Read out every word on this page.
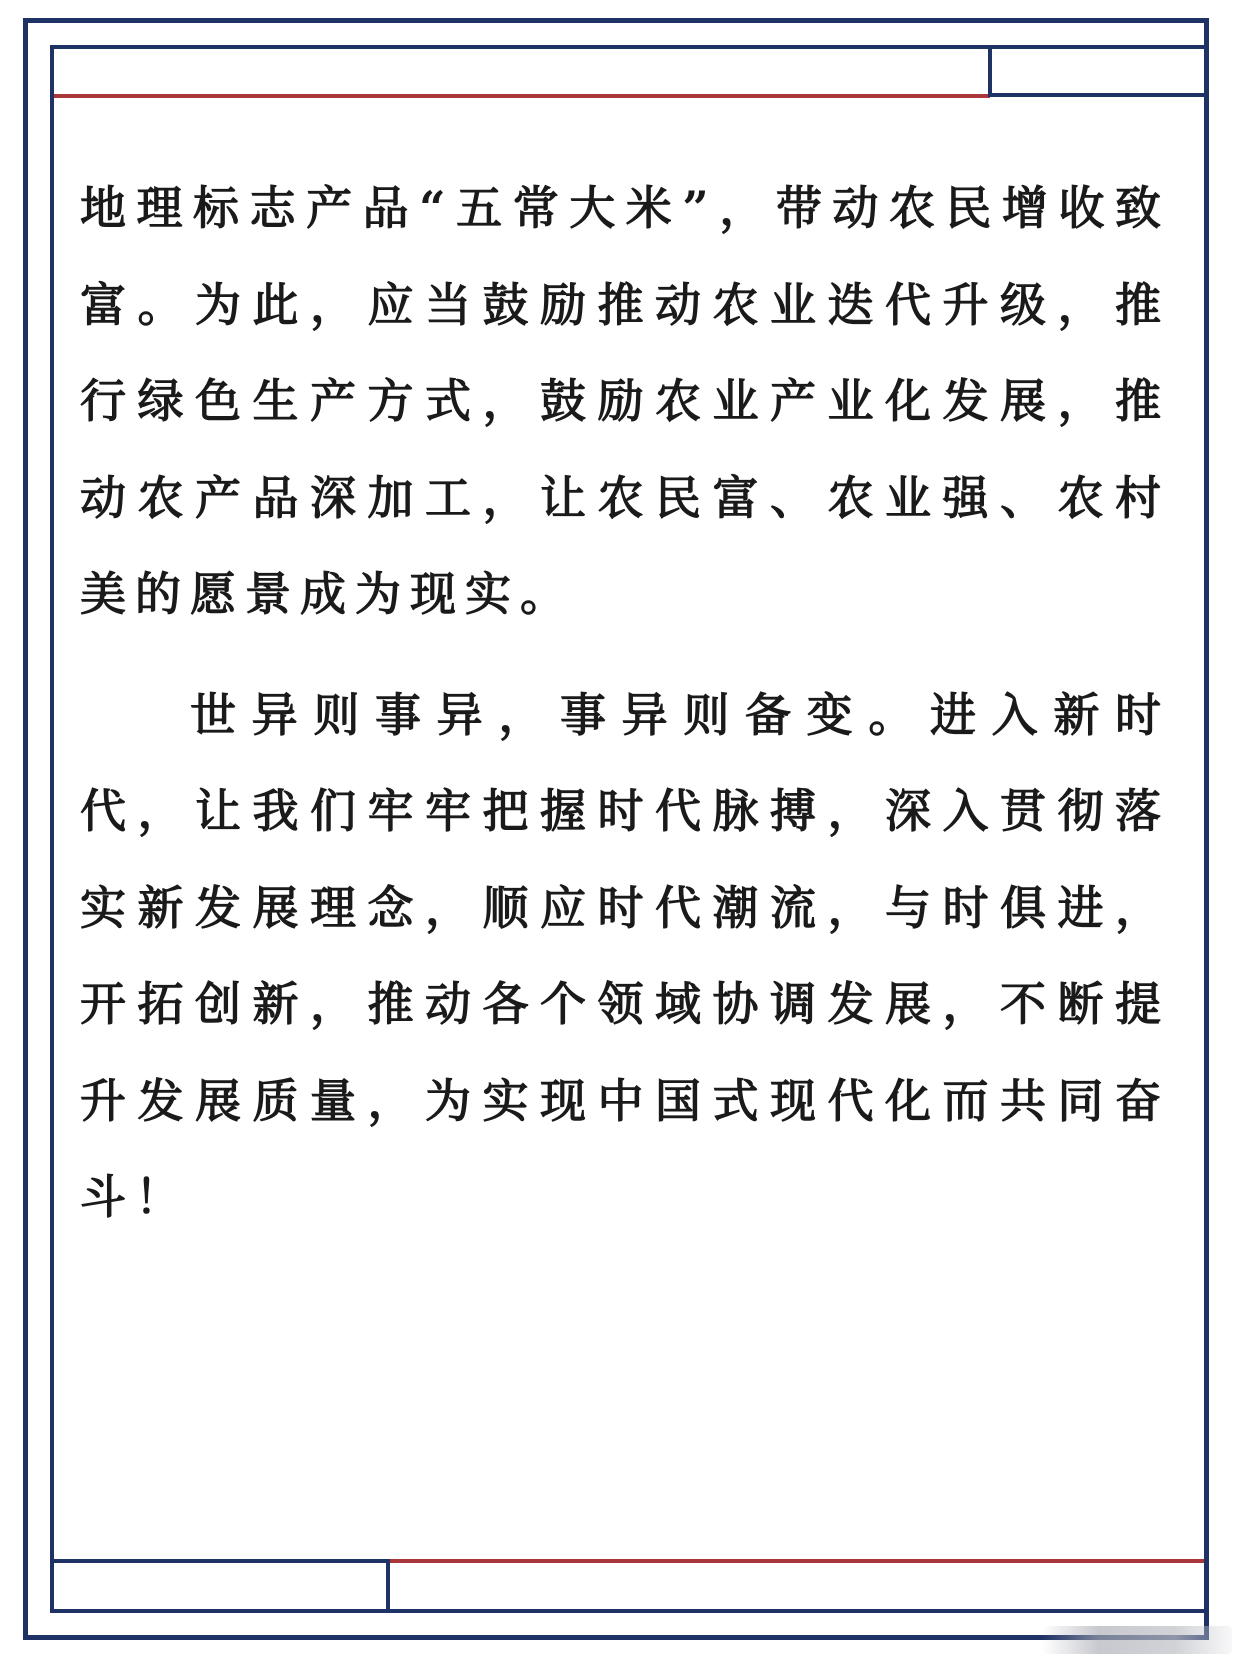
地理标志产品“五常大米”，带动农民增收致富。为此，应当鼓励推动农业迭代升级，推行绿色生产方式，鼓励农业产业化发展，推动农产品深加工，让农民富、农业强、农村美的愿景成为现实。

世异则事异，事异则备变。进入新时代，让我们牢牢把握时代脉搏，深入贯彻落实新发展理念，顺应时代潮流，与时俱进，开拓创新，推动各个领域协调发展，不断提升发展质量，为实现中国式现代化而共同奋斗！
